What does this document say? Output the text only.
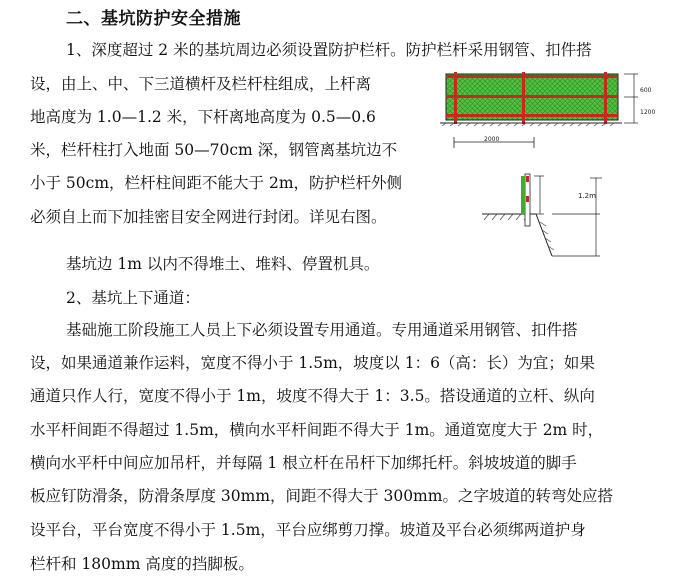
二、基坑防护安全措施
1、深度超过 2 米的基坑周边必须设置防护栏杆。防护栏杆采用钢管、扣件搭
设，由上、中、下三道横杆及栏杆柱组成，上杆离
地高度为 1.0—1.2 米，下杆离地高度为 0.5—0.6
米，栏杆柱打入地面 50—70cm 深，钢管离基坑边不
小于 50cm，栏杆柱间距不能大于 2m，防护栏杆外侧
必须自上而下加挂密目安全网进行封闭。详见右图。
基坑边 1m 以内不得堆土、堆料、停置机具。
2、基坑上下通道：
基础施工阶段施工人员上下必须设置专用通道。专用通道采用钢管、扣件搭
设，如果通道兼作运料，宽度不得小于 1.5m，坡度以 1：6（高：长）为宜；如果
通道只作人行，宽度不得小于 1m，坡度不得大于 1：3.5。搭设通道的立杆、纵向
水平杆间距不得超过 1.5m，横向水平杆间距不得大于 1m。通道宽度大于 2m 时，
横向水平杆中间应加吊杆，并每隔 1 根立杆在吊杆下加绑托杆。斜坡坡道的脚手
板应钉防滑条，防滑条厚度 30mm，间距不得大于 300mm。之字坡道的转弯处应搭
设平台，平台宽度不得小于 1.5m，平台应绑剪刀撑。坡道及平台必须绑两道护身
栏杆和 180mm 高度的挡脚板。
600
1200
2000
1.2m
